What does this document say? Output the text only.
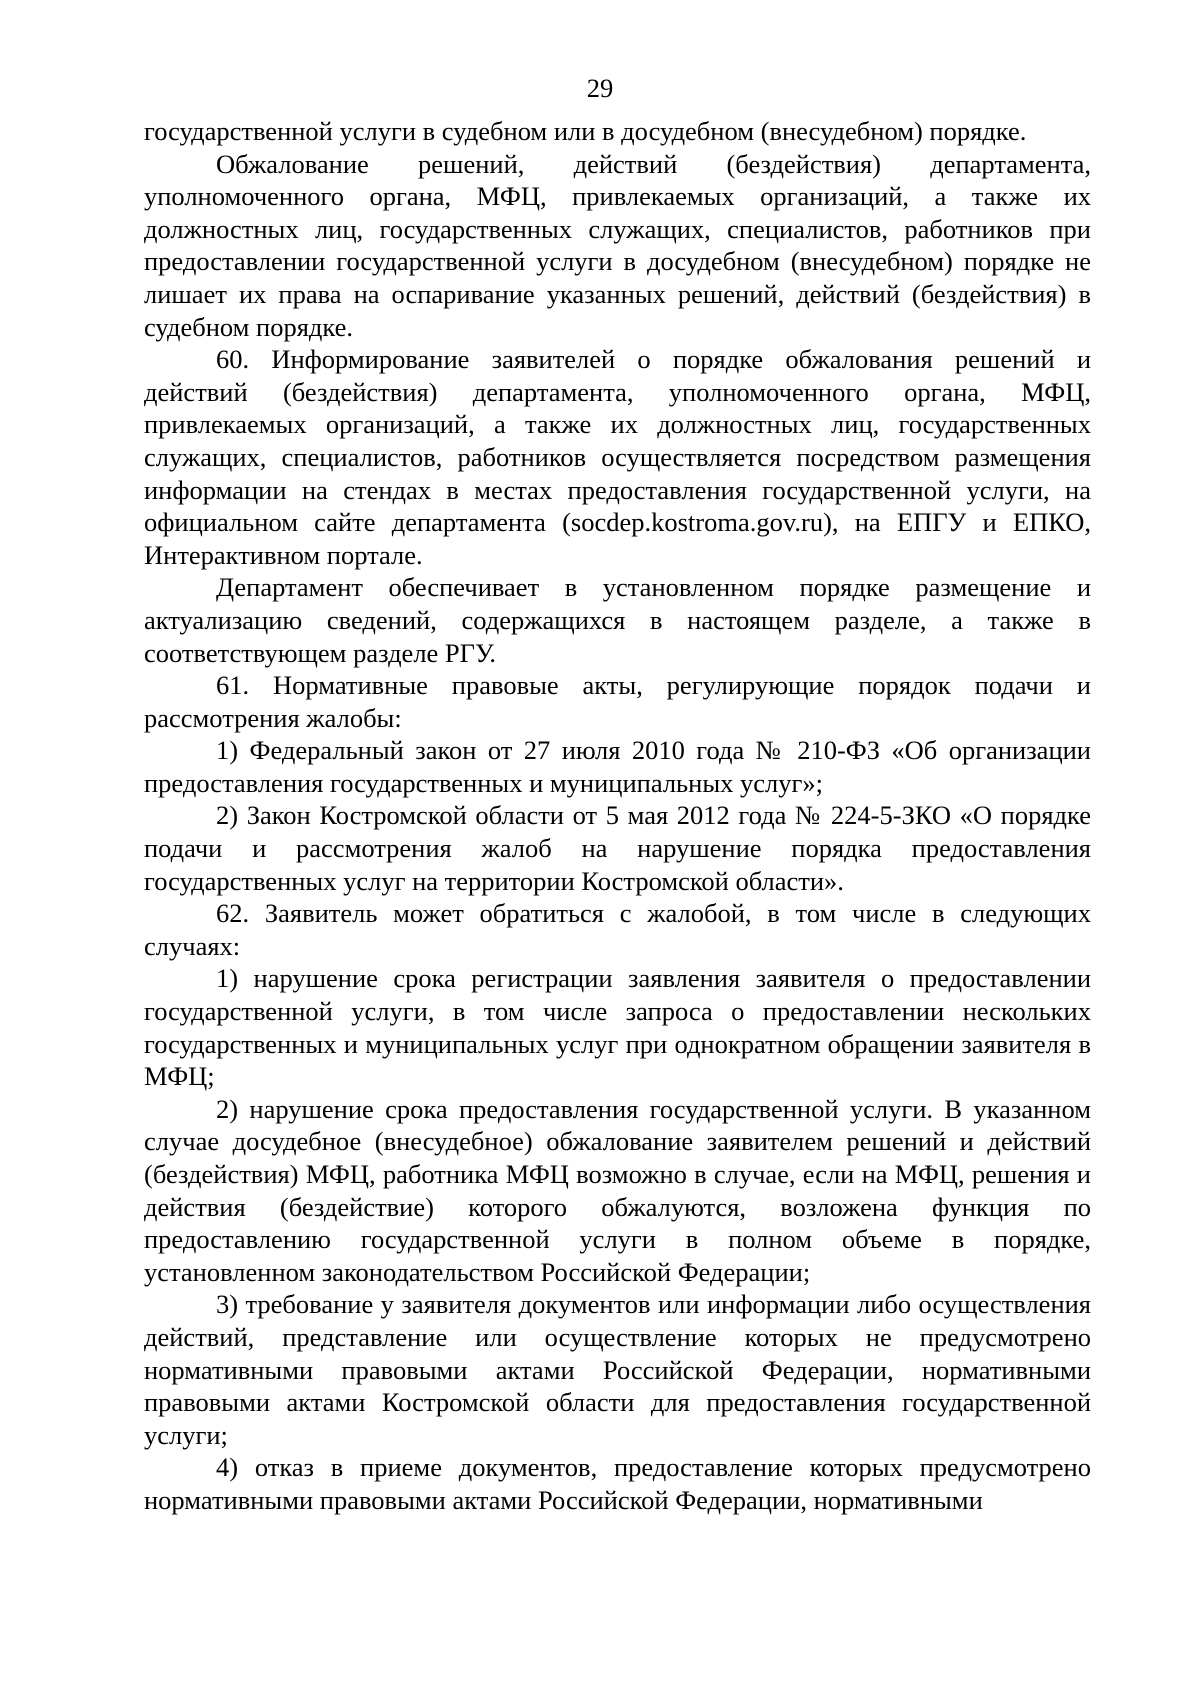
29

государственной услуги в судебном или в досудебном (внесудебном) порядке.

Обжалование решений, действий (бездействия) департамента, уполномоченного органа, МФЦ, привлекаемых организаций, а также их должностных лиц, государственных служащих, специалистов, работников при предоставлении государственной услуги в досудебном (внесудебном) порядке не лишает их права на оспаривание указанных решений, действий (бездействия) в судебном порядке.

60. Информирование заявителей о порядке обжалования решений и действий (бездействия) департамента, уполномоченного органа, МФЦ, привлекаемых организаций, а также их должностных лиц, государственных служащих, специалистов, работников осуществляется посредством размещения информации на стендах в местах предоставления государственной услуги, на официальном сайте департамента (socdep.kostroma.gov.ru), на ЕПГУ и ЕПКО, Интерактивном портале.

Департамент обеспечивает в установленном порядке размещение и актуализацию сведений, содержащихся в настоящем разделе, а также в соответствующем разделе РГУ.

61. Нормативные правовые акты, регулирующие порядок подачи и рассмотрения жалобы:

1) Федеральный закон от 27 июля 2010 года № 210-ФЗ «Об организации предоставления государственных и муниципальных услуг»;

2) Закон Костромской области от 5 мая 2012 года № 224-5-ЗКО «О порядке подачи и рассмотрения жалоб на нарушение порядка предоставления государственных услуг на территории Костромской области».

62. Заявитель может обратиться с жалобой, в том числе в следующих случаях:

1) нарушение срока регистрации заявления заявителя о предоставлении государственной услуги, в том числе запроса о предоставлении нескольких государственных и муниципальных услуг при однократном обращении заявителя в МФЦ;

2) нарушение срока предоставления государственной услуги. В указанном случае досудебное (внесудебное) обжалование заявителем решений и действий (бездействия) МФЦ, работника МФЦ возможно в случае, если на МФЦ, решения и действия (бездействие) которого обжалуются, возложена функция по предоставлению государственной услуги в полном объеме в порядке, установленном законодательством Российской Федерации;

3) требование у заявителя документов или информации либо осуществления действий, представление или осуществление которых не предусмотрено нормативными правовыми актами Российской Федерации, нормативными правовыми актами Костромской области для предоставления государственной услуги;

4) отказ в приеме документов, предоставление которых предусмотрено нормативными правовыми актами Российской Федерации, нормативными
